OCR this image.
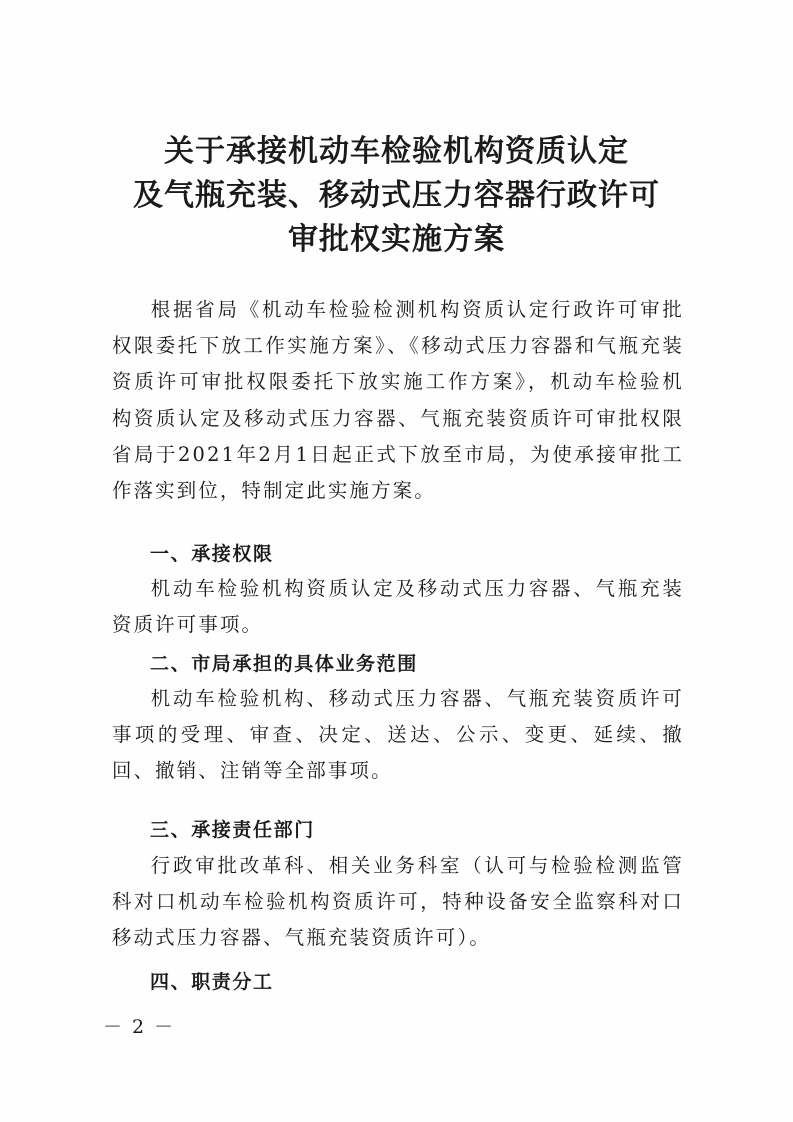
关于承接机动车检验机构资质认定
及气瓶充装、移动式压力容器行政许可
审批权实施方案

根据省局《机动车检验检测机构资质认定行政许可审批权限委托下放工作实施方案》、《移动式压力容器和气瓶充装资质许可审批权限委托下放实施工作方案》，机动车检验机构资质认定及移动式压力容器、气瓶充装资质许可审批权限省局于2021年2月1日起正式下放至市局，为使承接审批工作落实到位，特制定此实施方案。

一、承接权限

机动车检验机构资质认定及移动式压力容器、气瓶充装资质许可事项。

二、市局承担的具体业务范围

机动车检验机构、移动式压力容器、气瓶充装资质许可事项的受理、审查、决定、送达、公示、变更、延续、撤回、撤销、注销等全部事项。

三、承接责任部门

行政审批改革科、相关业务科室（认可与检验检测监管科对口机动车检验机构资质许可，特种设备安全监察科对口移动式压力容器、气瓶充装资质许可）。

四、职责分工

－ 2 －
